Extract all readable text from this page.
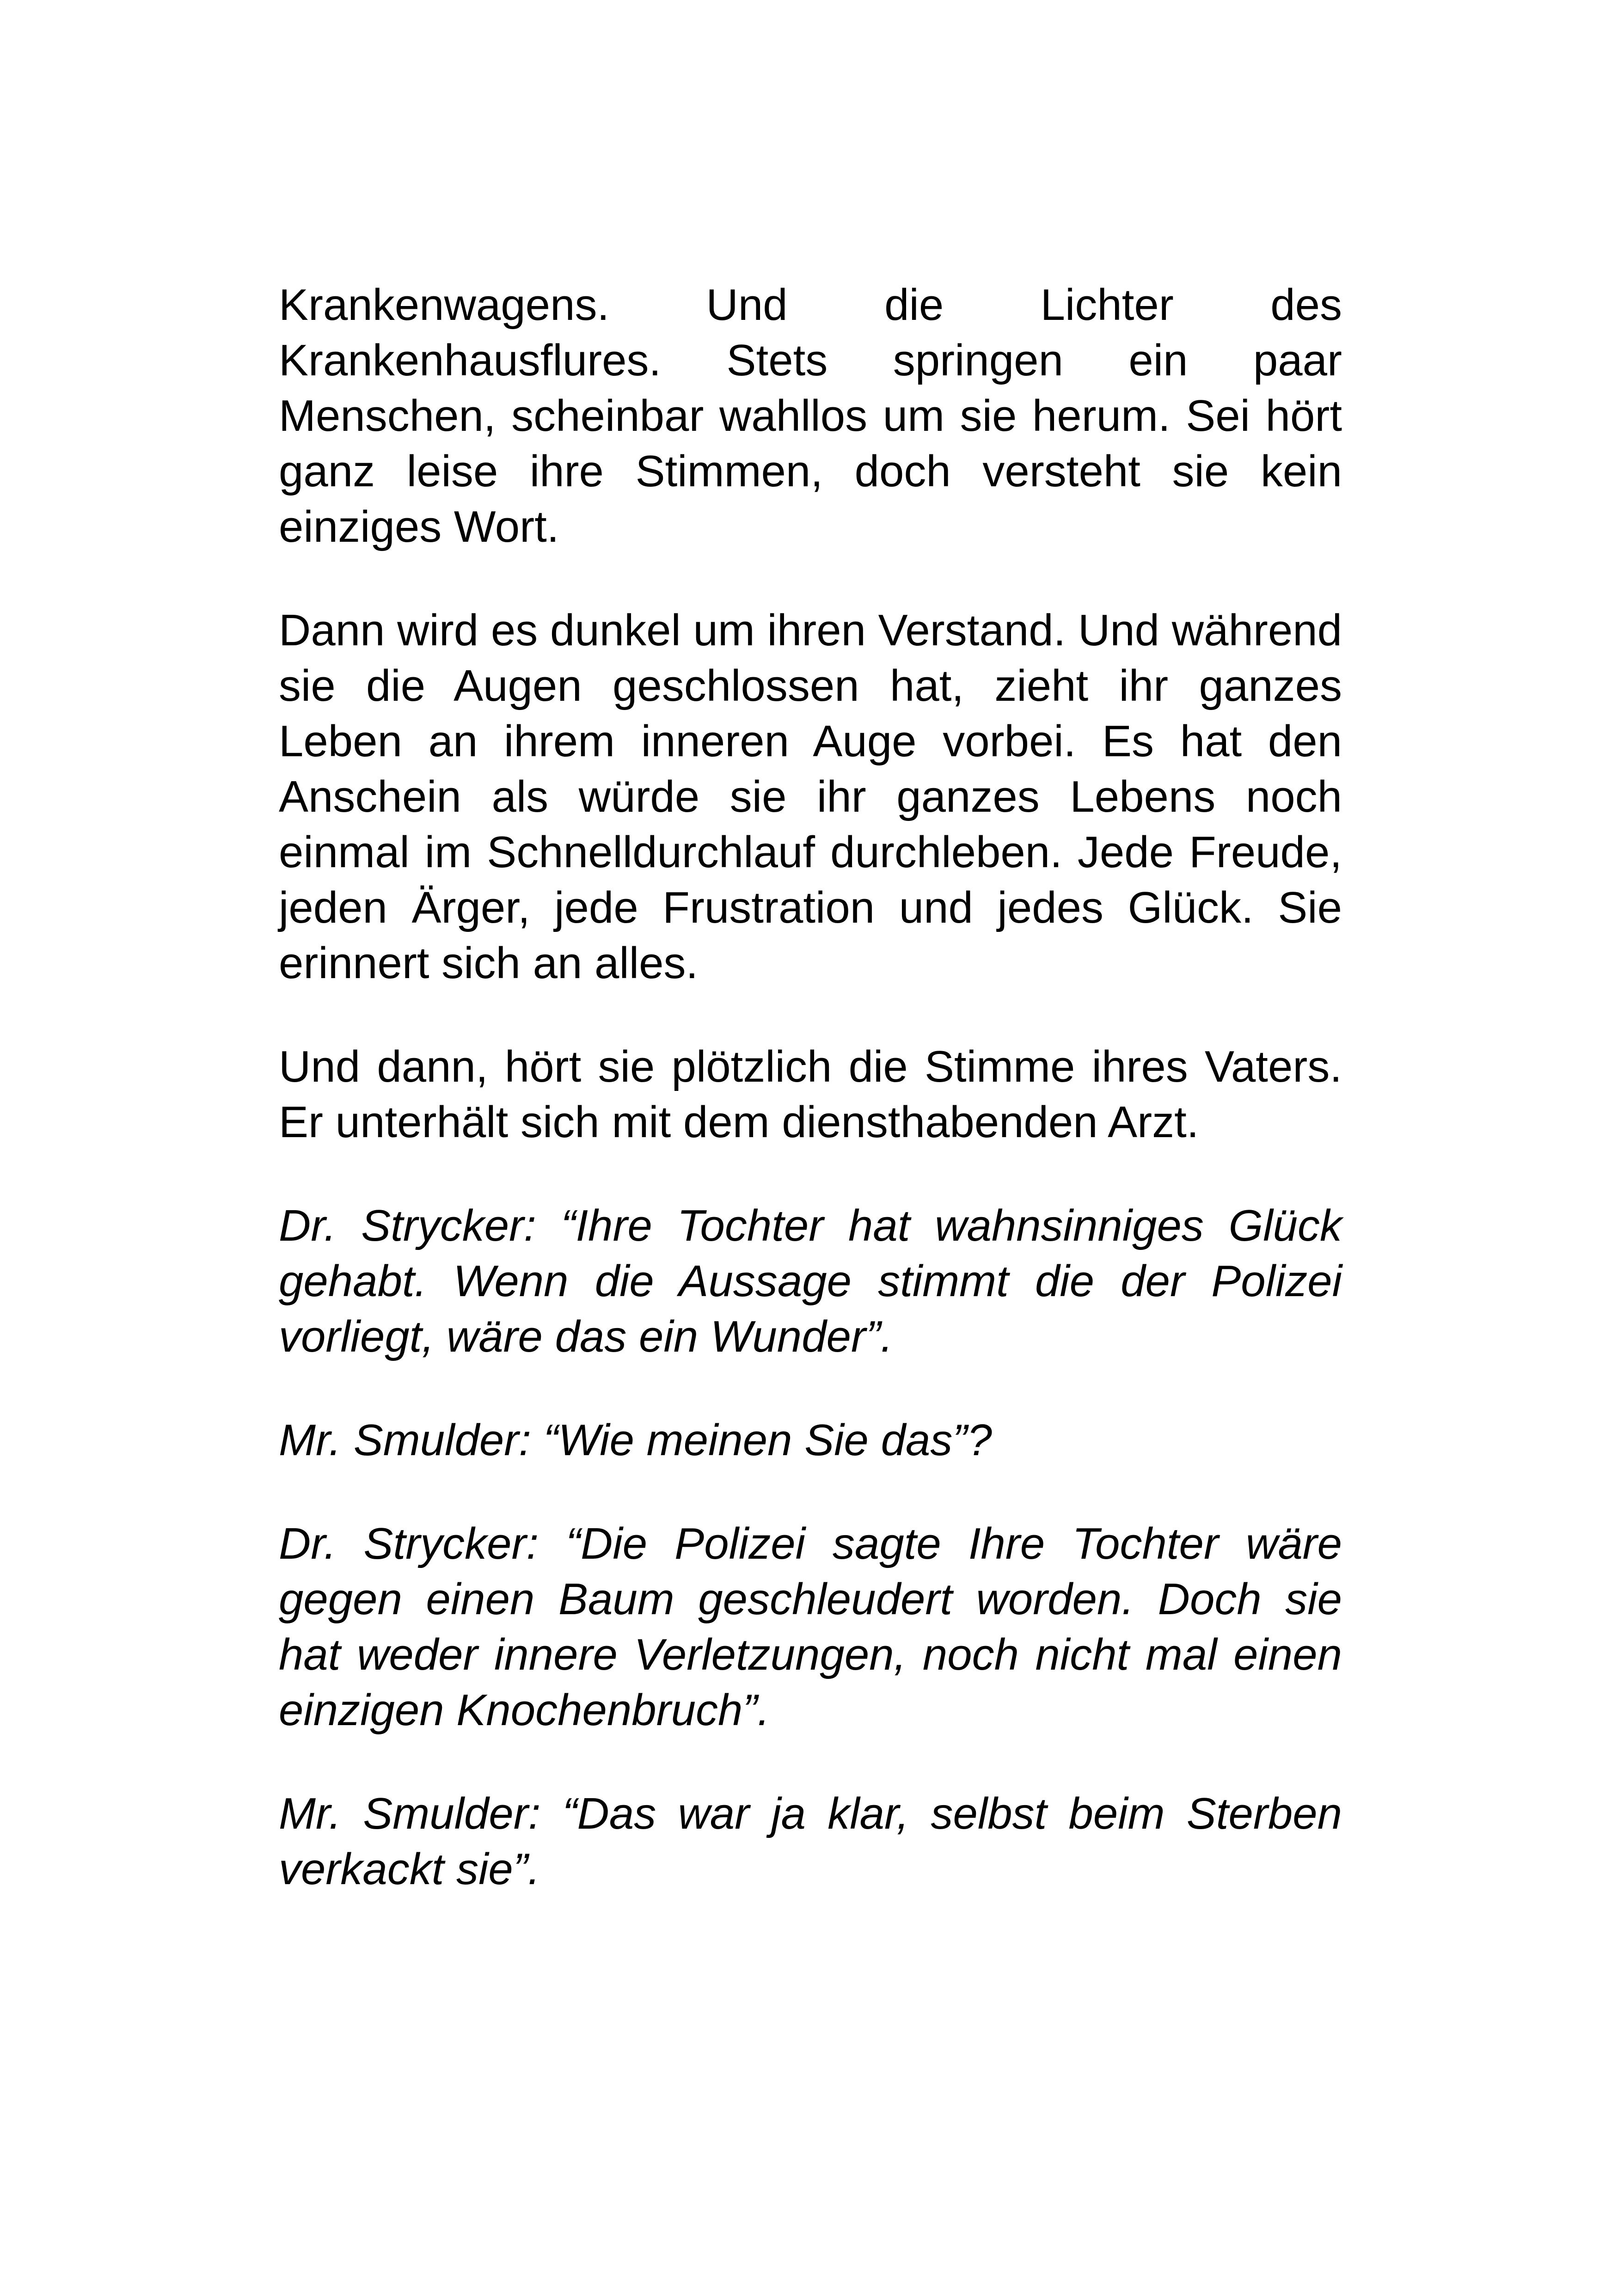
Krankenwagens. Und die Lichter des Krankenhausflures. Stets springen ein paar Menschen, scheinbar wahllos um sie herum. Sei hört ganz leise ihre Stimmen, doch versteht sie kein einziges Wort.

Dann wird es dunkel um ihren Verstand. Und während sie die Augen geschlossen hat, zieht ihr ganzes Leben an ihrem inneren Auge vorbei. Es hat den Anschein als würde sie ihr ganzes Lebens noch einmal im Schnelldurchlauf durchleben. Jede Freude, jeden Ärger, jede Frustration und jedes Glück. Sie erinnert sich an alles.

Und dann, hört sie plötzlich die Stimme ihres Vaters. Er unterhält sich mit dem diensthabenden Arzt.

Dr. Strycker: “Ihre Tochter hat wahnsinniges Glück gehabt. Wenn die Aussage stimmt die der Polizei vorliegt, wäre das ein Wunder”.

Mr. Smulder: “Wie meinen Sie das”?

Dr. Strycker: “Die Polizei sagte Ihre Tochter wäre gegen einen Baum geschleudert worden. Doch sie hat weder innere Verletzungen, noch nicht mal einen einzigen Knochenbruch”.

Mr. Smulder: “Das war ja klar, selbst beim Sterben verkackt sie”.
